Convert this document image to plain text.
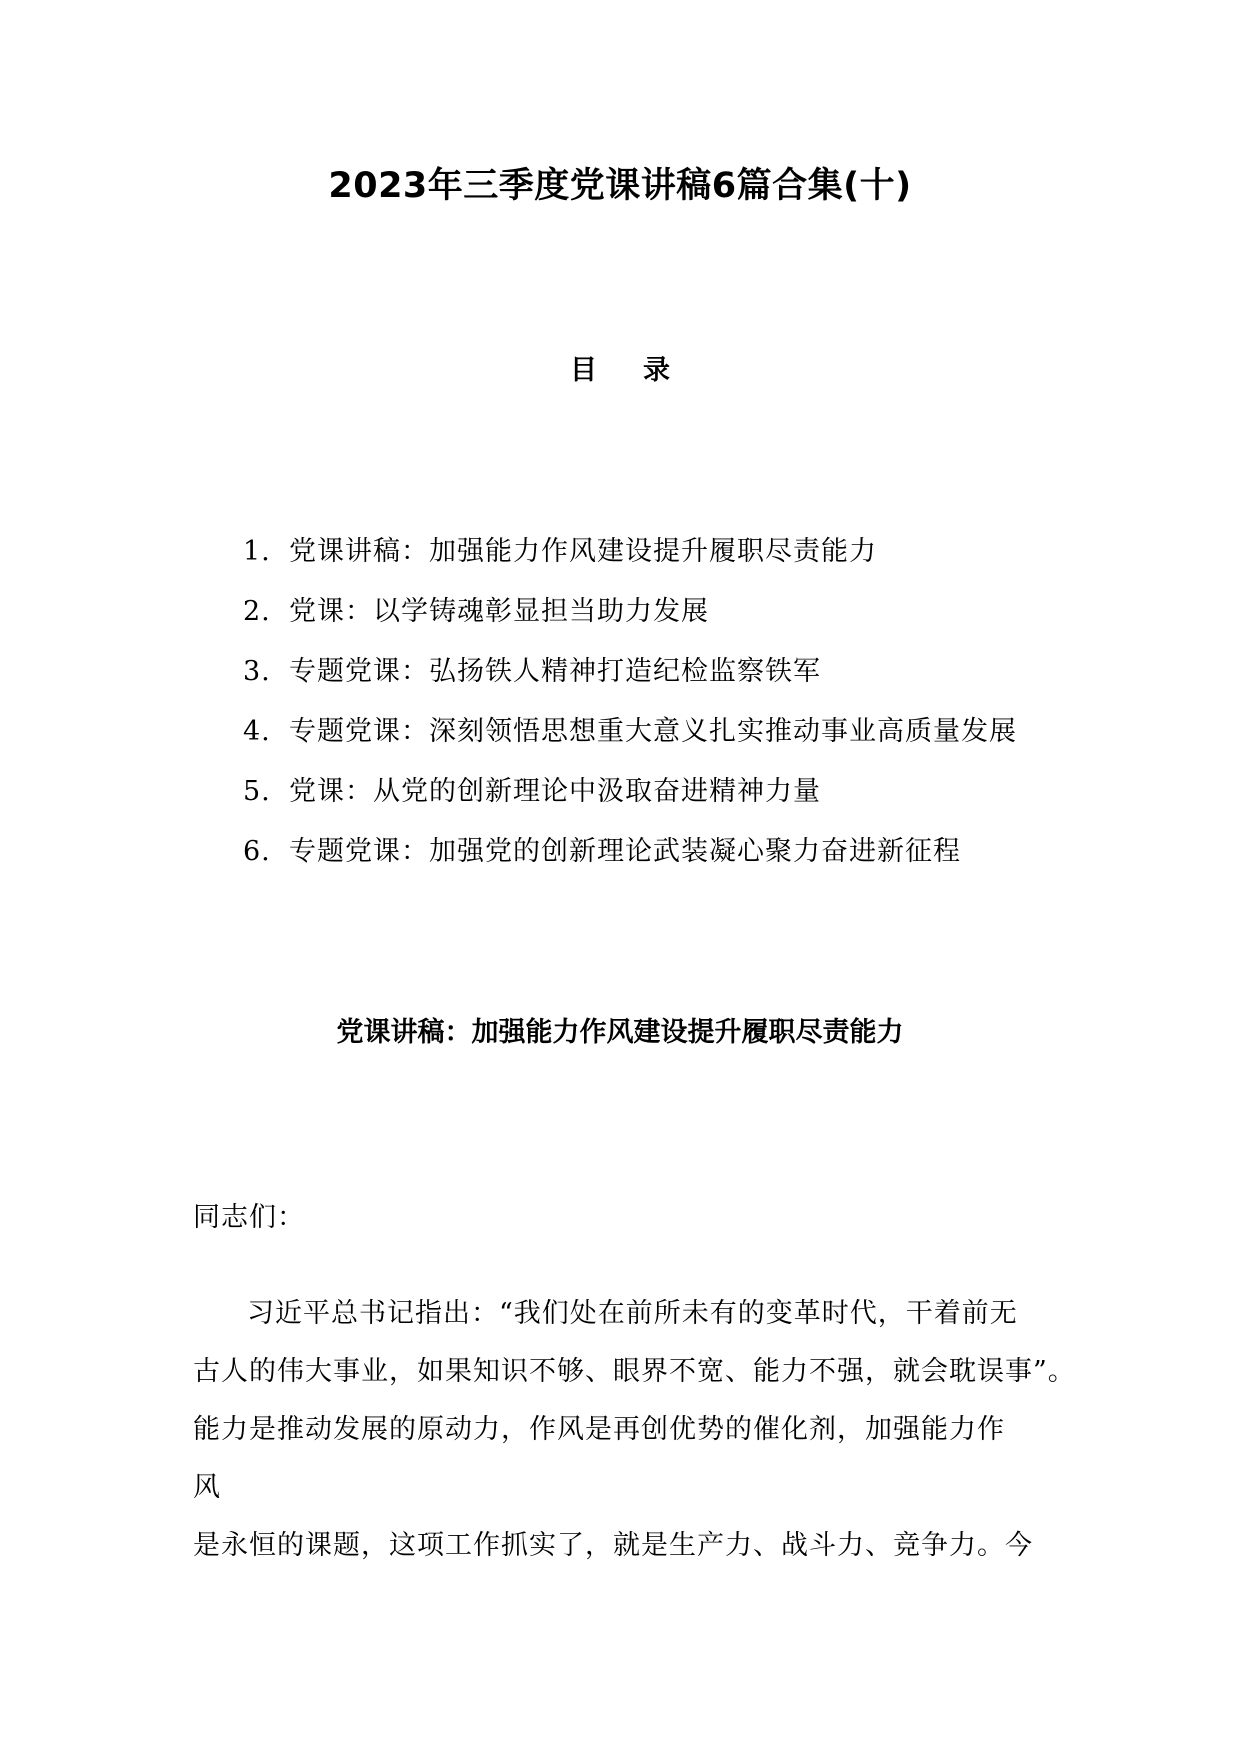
2023年三季度党课讲稿6篇合集(十)
目 录
1. 党课讲稿：加强能力作风建设提升履职尽责能力
2. 党课：以学铸魂彰显担当助力发展
3. 专题党课：弘扬铁人精神打造纪检监察铁军
4. 专题党课：深刻领悟思想重大意义扎实推动事业高质量发展
5. 党课：从党的创新理论中汲取奋进精神力量
6. 专题党课：加强党的创新理论武装凝心聚力奋进新征程
党课讲稿：加强能力作风建设提升履职尽责能力
同志们：
习近平总书记指出：“我们处在前所未有的变革时代，干着前无
古人的伟大事业，如果知识不够、眼界不宽、能力不强，就会耽误事”。
能力是推动发展的原动力，作风是再创优势的催化剂，加强能力作
风
是永恒的课题，这项工作抓实了，就是生产力、战斗力、竞争力。今
